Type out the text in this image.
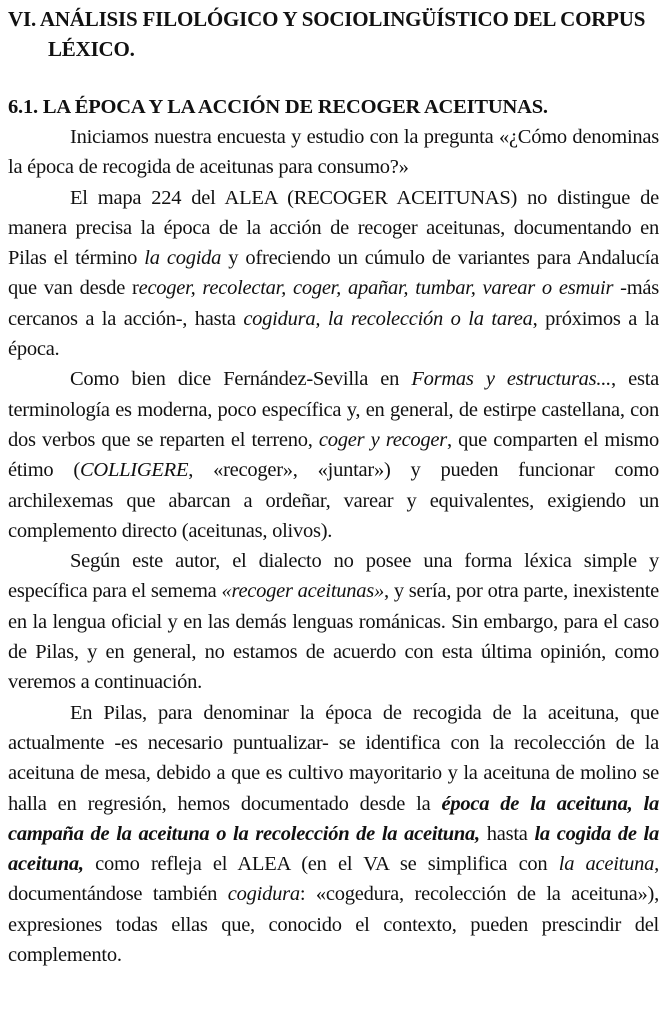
VI. ANÁLISIS FILOLÓGICO Y SOCIOLINGÜÍSTICO DEL CORPUS LÉXICO.
6.1. LA ÉPOCA Y LA ACCIÓN DE RECOGER ACEITUNAS.

Iniciamos nuestra encuesta y estudio con la pregunta «¿Cómo denominas la época de recogida de aceitunas para consumo?»

El mapa 224 del ALEA (RECOGER ACEITUNAS) no distingue de manera precisa la época de la acción de recoger aceitunas, documentando en Pilas el término la cogida y ofreciendo un cúmulo de variantes para Andalucía que van desde recoger, recolectar, coger, apañar, tumbar, varear o esmuir -más cercanos a la acción-, hasta cogidura, la recolección o la tarea, próximos a la época.

Como bien dice Fernández-Sevilla en Formas y estructuras..., esta terminología es moderna, poco específica y, en general, de estirpe castellana, con dos verbos que se reparten el terreno, coger y recoger, que comparten el mismo étimo (COLLIGERE, «recoger», «juntar») y pueden funcionar como archilexemas que abarcan a ordeñar, varear y equivalentes, exigiendo un complemento directo (aceitunas, olivos).

Según este autor, el dialecto no posee una forma léxica simple y específica para el semema «recoger aceitunas», y sería, por otra parte, inexistente en la lengua oficial y en las demás lenguas románicas. Sin embargo, para el caso de Pilas, y en general, no estamos de acuerdo con esta última opinión, como veremos a continuación.

En Pilas, para denominar la época de recogida de la aceituna, que actualmente -es necesario puntualizar- se identifica con la recolección de la aceituna de mesa, debido a que es cultivo mayoritario y la aceituna de molino se halla en regresión, hemos documentado desde la época de la aceituna, la campaña de la aceituna o la recolección de la aceituna, hasta la cogida de la aceituna, como refleja el ALEA (en el VA se simplifica con la aceituna, documentándose también cogidura: «cogedura, recolección de la aceituna»), expresiones todas ellas que, conocido el contexto, pueden prescindir del complemento.
